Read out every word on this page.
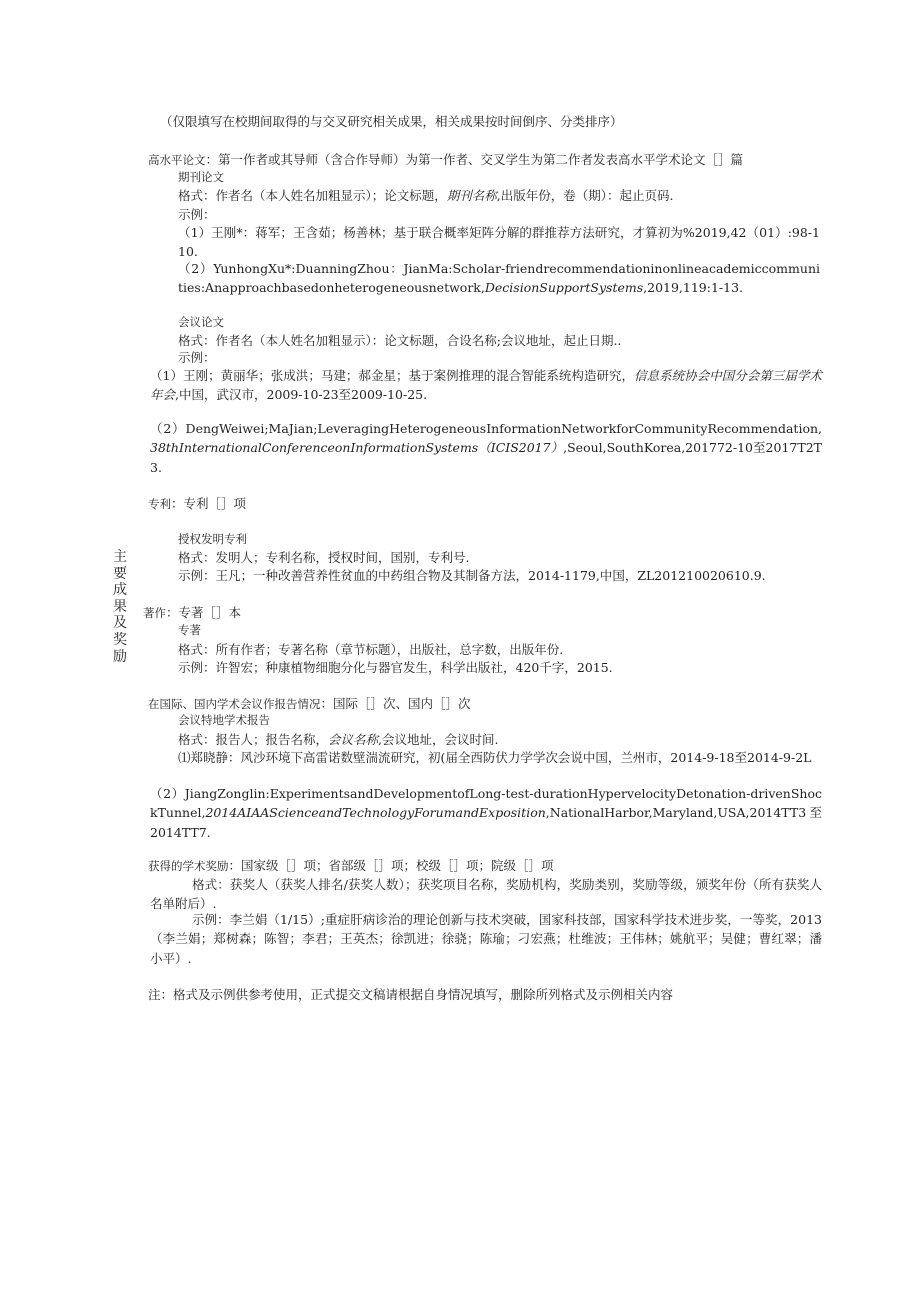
主要成果及奖励
（仅限填写在校期间取得的与交叉研究相关成果，相关成果按时间倒序、分类排序）
高水平论文：第一作者或其导师（含合作导师）为第一作者、交叉学生为第二作者发表高水平学术论文［］篇
期刊论文
格式：作者名（本人姓名加粗显示）；论文标题，期刊名称,出版年份，卷（期）：起止页码.
示例：
（1）王刚*：蒋军；王含茹；杨善林；基于联合概率矩阵分解的群推荐方法研究，才算初为%2019,42（01）:98-110.
（2）YunhongXu*:DuanningZhou：JianMa:Scholar-friendrecommendationinonlineacademiccommunities:Anapproachbasedonheterogeneousnetwork,DecisionSupportSystems,2019,119:1-13.
会议论文
格式：作者名（本人姓名加粗显示）：论文标题，合设名称;会议地址，起止日期..
示例：
（1）王刚；黄丽华；张成洪；马建；郝金星；基于案例推理的混合智能系统构造研究，信息系统协会中国分会第三届学术年会,中国，武汉市，2009-10-23至2009-10-25.
（2）DengWeiwei;MaJian;LeveragingHeterogeneousInformationNetworkforCommunityRecommendation,38thInternationalConferenceonInformationSystems（ICIS2017）,Seoul,SouthKorea,201772-10至2017T2T3.
专利：专利［］项
授权发明专利
格式：发明人；专利名称，授权时间，国别，专利号.
示例：王凡；一种改善营养性贫血的中药组合物及其制备方法，2014-1179,中国，ZL201210020610.9.
著作：专著［］本
专著
格式：所有作者；专著名称（章节标题），出版社，总字数，出版年份.
示例：许智宏；种康植物细胞分化与器官发生，科学出版社，420千字，2015.
在国际、国内学术会议作报告情况：国际［］次、国内［］次
会议特地学术报告
格式：报告人；报告名称，会议名称,会议地址，会议时间.
⑴郑晓静：风沙环境下高雷诺数壁湍流研究，初(届全西防伏力学学次会说中国，兰州市，2014-9-18至2014-9-2L
（2）JiangZonglin:ExperimentsandDevelopmentofLong-test-durationHypervelocityDetonation-drivenShockTunnel,2014AIAAScienceandTechnologyForumandExposition,NationalHarbor,Maryland,USA,2014TT3至2014TT7.
获得的学术奖励：国家级［］项；省部级［］项；校级［］项；院级［］项
格式：获奖人（获奖人排名/获奖人数）；获奖项目名称，奖励机构，奖励类别，奖励等级，颁奖年份（所有获奖人名单附后）.
示例：李兰娟（1/15）;重症肝病诊治的理论创新与技术突破，国家科技部，国家科学技术进步奖，一等奖，2013（李兰娟；郑树森；陈智；李君；王英杰；徐凯进；徐骁；陈瑜；刁宏燕；杜维波；王伟林；姚航平；吴健；曹红翠；潘小平）.
注：格式及示例供参考使用，正式提交文稿请根据自身情况填写，删除所列格式及示例相关内容
